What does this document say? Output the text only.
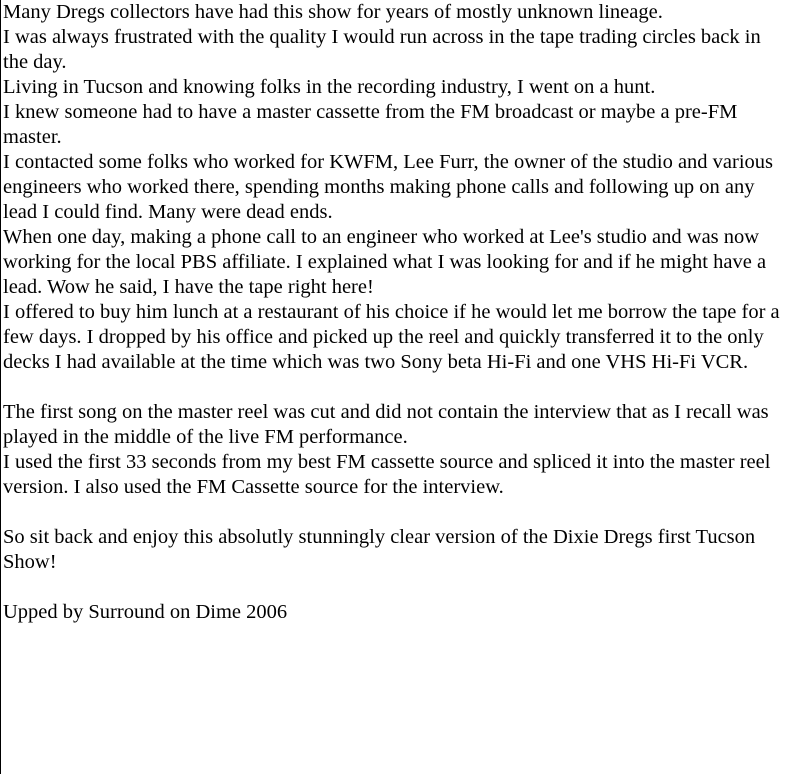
Many Dregs collectors have had this show for years of mostly unknown lineage.
I was always frustrated with the quality I would run across in the tape trading circles back in the day.
Living in Tucson and knowing folks in the recording industry, I went on a hunt.
I knew someone had to have a master cassette from the FM broadcast or maybe a pre-FM master.
I contacted some folks who worked for KWFM, Lee Furr, the owner of the studio and various engineers who worked there, spending months making phone calls and following up on any lead I could find. Many were dead ends.
When one day, making a phone call to an engineer who worked at Lee's studio and was now working for the local PBS affiliate. I explained what I was looking for and if he might have a lead. Wow he said, I have the tape right here!
I offered to buy him lunch at a restaurant of his choice if he would let me borrow the tape for a few days. I dropped by his office and picked up the reel and quickly transferred it to the only decks I had available at the time which was two Sony beta Hi-Fi and one VHS Hi-Fi VCR.
The first song on the master reel was cut and did not contain the interview that as I recall was played in the middle of the live FM performance.
I used the first 33 seconds from my best FM cassette source and spliced it into the master reel version. I also used the FM Cassette source for the interview.
So sit back and enjoy this absolutly stunningly clear version of the Dixie Dregs first Tucson Show!
Upped by Surround on Dime 2006
